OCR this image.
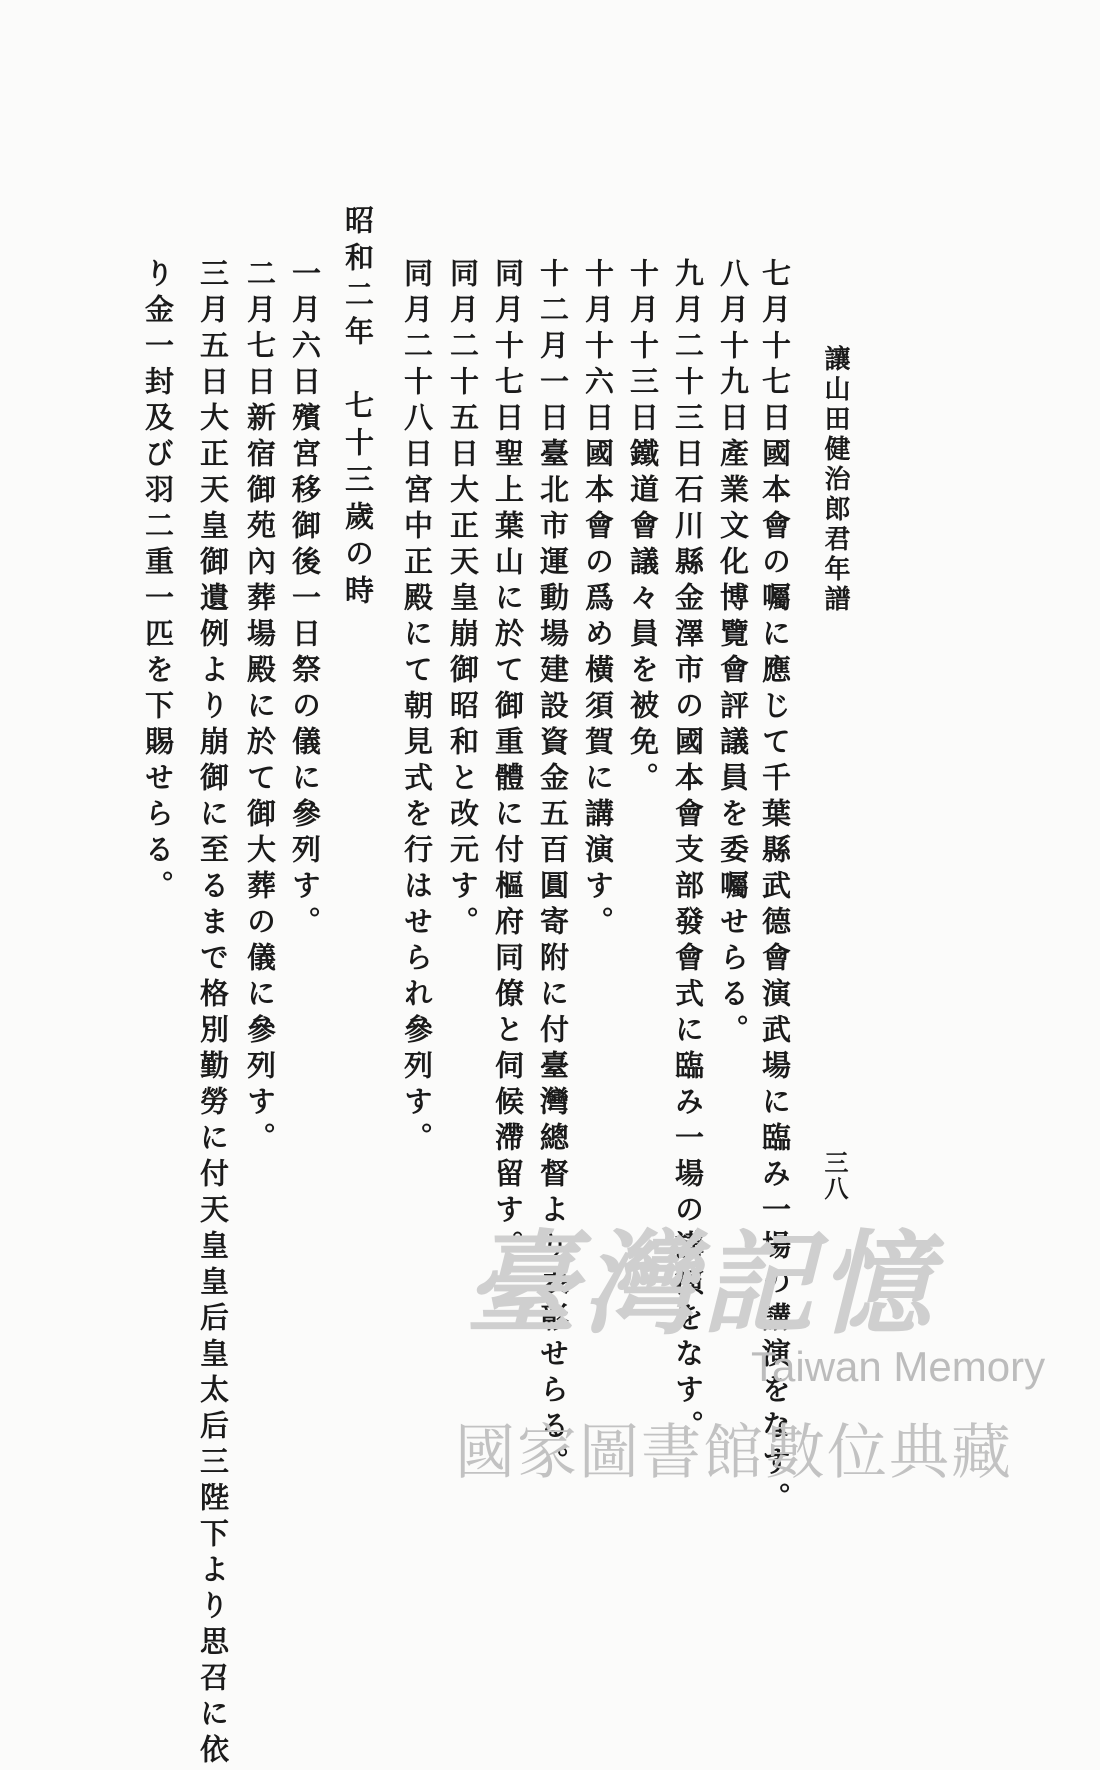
讓山田健治郎君年譜
三八
七月十七日國本會の囑に應じて千葉縣武德會演武場に臨み一場の講演をなす。
八月十九日產業文化博覽會評議員を委囑せらる。
九月二十三日石川縣金澤市の國本會支部發會式に臨み一場の講演をなす。
十月十三日鐵道會議々員を被免。
十月十六日國本會の爲め橫須賀に講演す。
十二月一日臺北市運動場建設資金五百圓寄附に付臺灣總督より表彰せらる。
同月十七日聖上葉山に於て御重體に付樞府同僚と伺候滯留す。
同月二十五日大正天皇崩御昭和と改元す。
同月二十八日宮中正殿にて朝見式を行はせられ參列す。
昭和二年　七十三歲の時
一月六日殯宮移御後一日祭の儀に參列す。
二月七日新宿御苑內葬場殿に於て御大葬の儀に參列す。
三月五日大正天皇御遺例より崩御に至るまで格別勤勞に付天皇皇后皇太后三陛下より思召に依
り金一封及び羽二重一匹を下賜せらる。
臺灣記憶
Taiwan Memory
國家圖書館數位典藏
